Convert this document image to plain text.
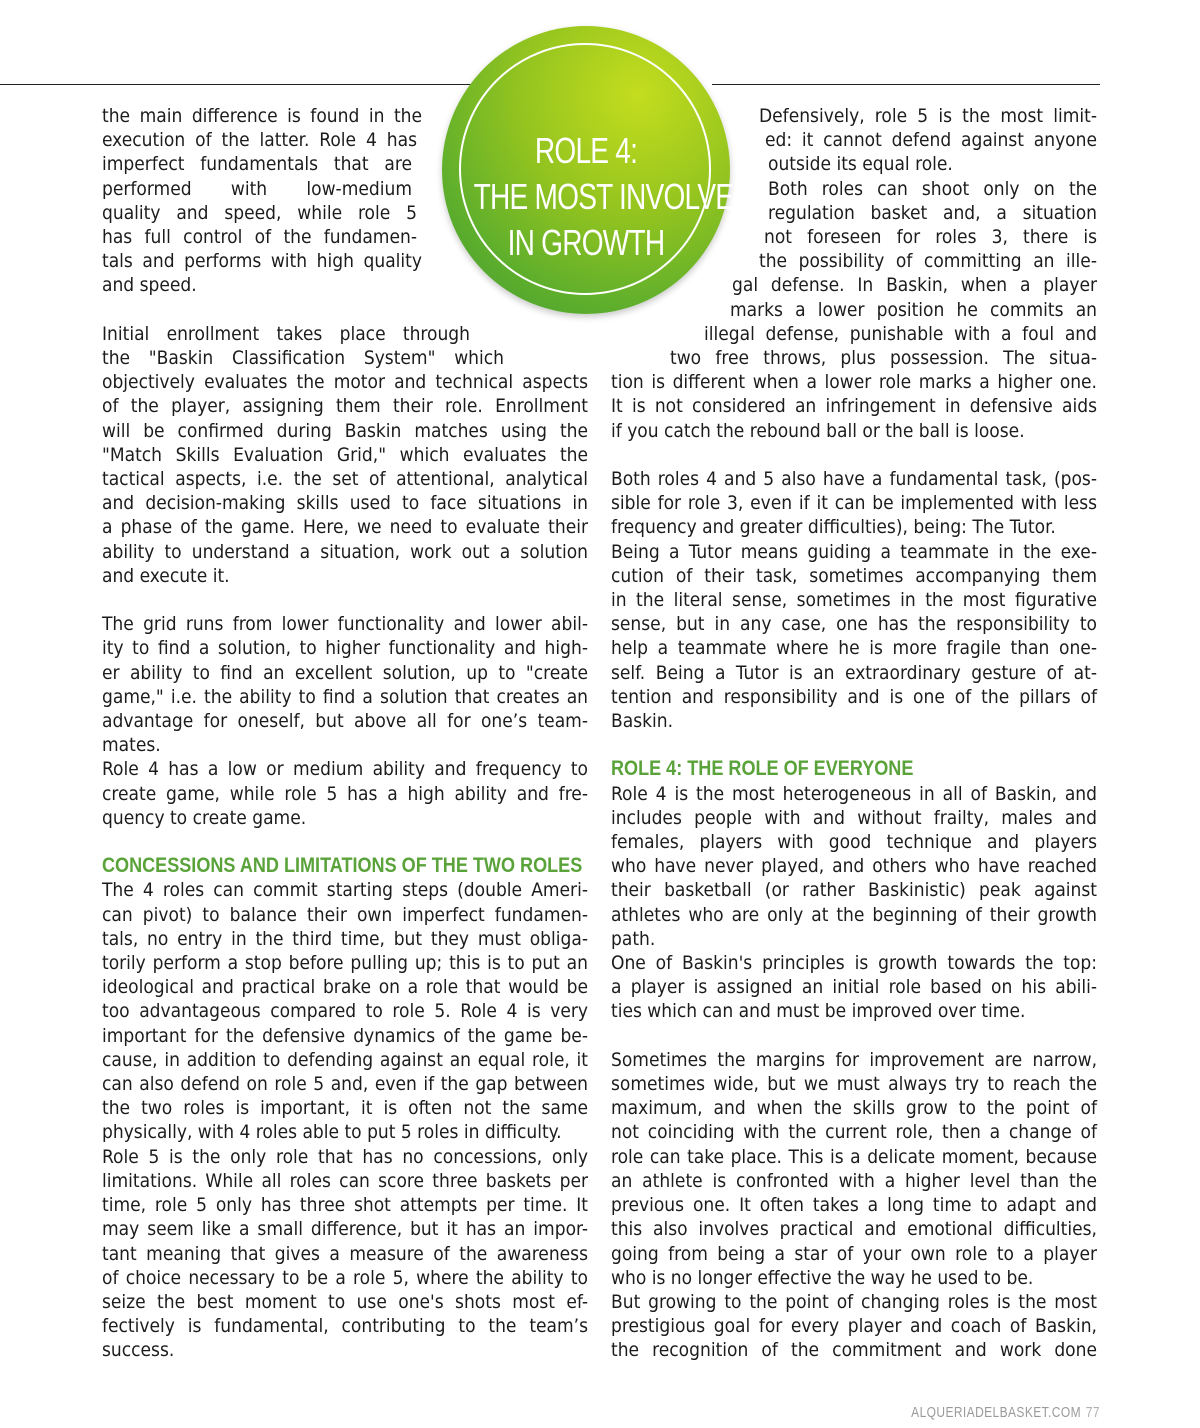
ROLE 4:
THE MOST INVOLVED
IN GROWTH
the main difference is found in the
execution of the latter. Role 4 has
imperfect fundamentals that are
performed with low-medium
quality and speed, while role 5
has full control of the fundamen-
tals and performs with high quality
and speed.
Initial enrollment takes place through
the "Baskin Classification System" which
objectively evaluates the motor and technical aspects
of the player, assigning them their role. Enrollment
will be confirmed during Baskin matches using the
"Match Skills Evaluation Grid," which evaluates the
tactical aspects, i.e. the set of attentional, analytical
and decision-making skills used to face situations in
a phase of the game. Here, we need to evaluate their
ability to understand a situation, work out a solution
and execute it.
The grid runs from lower functionality and lower abil-
ity to find a solution, to higher functionality and high-
er ability to find an excellent solution, up to "create
game," i.e. the ability to find a solution that creates an
advantage for oneself, but above all for one’s team-
mates.
Role 4 has a low or medium ability and frequency to
create game, while role 5 has a high ability and fre-
quency to create game.
CONCESSIONS AND LIMITATIONS OF THE TWO ROLES
The 4 roles can commit starting steps (double Ameri-
can pivot) to balance their own imperfect fundamen-
tals, no entry in the third time, but they must obliga-
torily perform a stop before pulling up; this is to put an
ideological and practical brake on a role that would be
too advantageous compared to role 5. Role 4 is very
important for the defensive dynamics of the game be-
cause, in addition to defending against an equal role, it
can also defend on role 5 and, even if the gap between
the two roles is important, it is often not the same
physically, with 4 roles able to put 5 roles in difficulty.
Role 5 is the only role that has no concessions, only
limitations. While all roles can score three baskets per
time, role 5 only has three shot attempts per time. It
may seem like a small difference, but it has an impor-
tant meaning that gives a measure of the awareness
of choice necessary to be a role 5, where the ability to
seize the best moment to use one's shots most ef-
fectively is fundamental, contributing to the team’s
success.
Defensively, role 5 is the most limit-
ed: it cannot defend against anyone
outside its equal role.
Both roles can shoot only on the
regulation basket and, a situation
not foreseen for roles 3, there is
the possibility of committing an ille-
gal defense. In Baskin, when a player
marks a lower position he commits an
illegal defense, punishable with a foul and
two free throws, plus possession. The situa-
tion is different when a lower role marks a higher one.
It is not considered an infringement in defensive aids
if you catch the rebound ball or the ball is loose.
Both roles 4 and 5 also have a fundamental task, (pos-
sible for role 3, even if it can be implemented with less
frequency and greater difficulties), being: The Tutor.
Being a Tutor means guiding a teammate in the exe-
cution of their task, sometimes accompanying them
in the literal sense, sometimes in the most figurative
sense, but in any case, one has the responsibility to
help a teammate where he is more fragile than one-
self. Being a Tutor is an extraordinary gesture of at-
tention and responsibility and is one of the pillars of
Baskin.
ROLE 4: THE ROLE OF EVERYONE
Role 4 is the most heterogeneous in all of Baskin, and
includes people with and without frailty, males and
females, players with good technique and players
who have never played, and others who have reached
their basketball (or rather Baskinistic) peak against
athletes who are only at the beginning of their growth
path.
One of Baskin's principles is growth towards the top:
a player is assigned an initial role based on his abili-
ties which can and must be improved over time.
Sometimes the margins for improvement are narrow,
sometimes wide, but we must always try to reach the
maximum, and when the skills grow to the point of
not coinciding with the current role, then a change of
role can take place. This is a delicate moment, because
an athlete is confronted with a higher level than the
previous one. It often takes a long time to adapt and
this also involves practical and emotional difficulties,
going from being a star of your own role to a player
who is no longer effective the way he used to be.
But growing to the point of changing roles is the most
prestigious goal for every player and coach of Baskin,
the recognition of the commitment and work done
ALQUERIADELBASKET.COM 77
